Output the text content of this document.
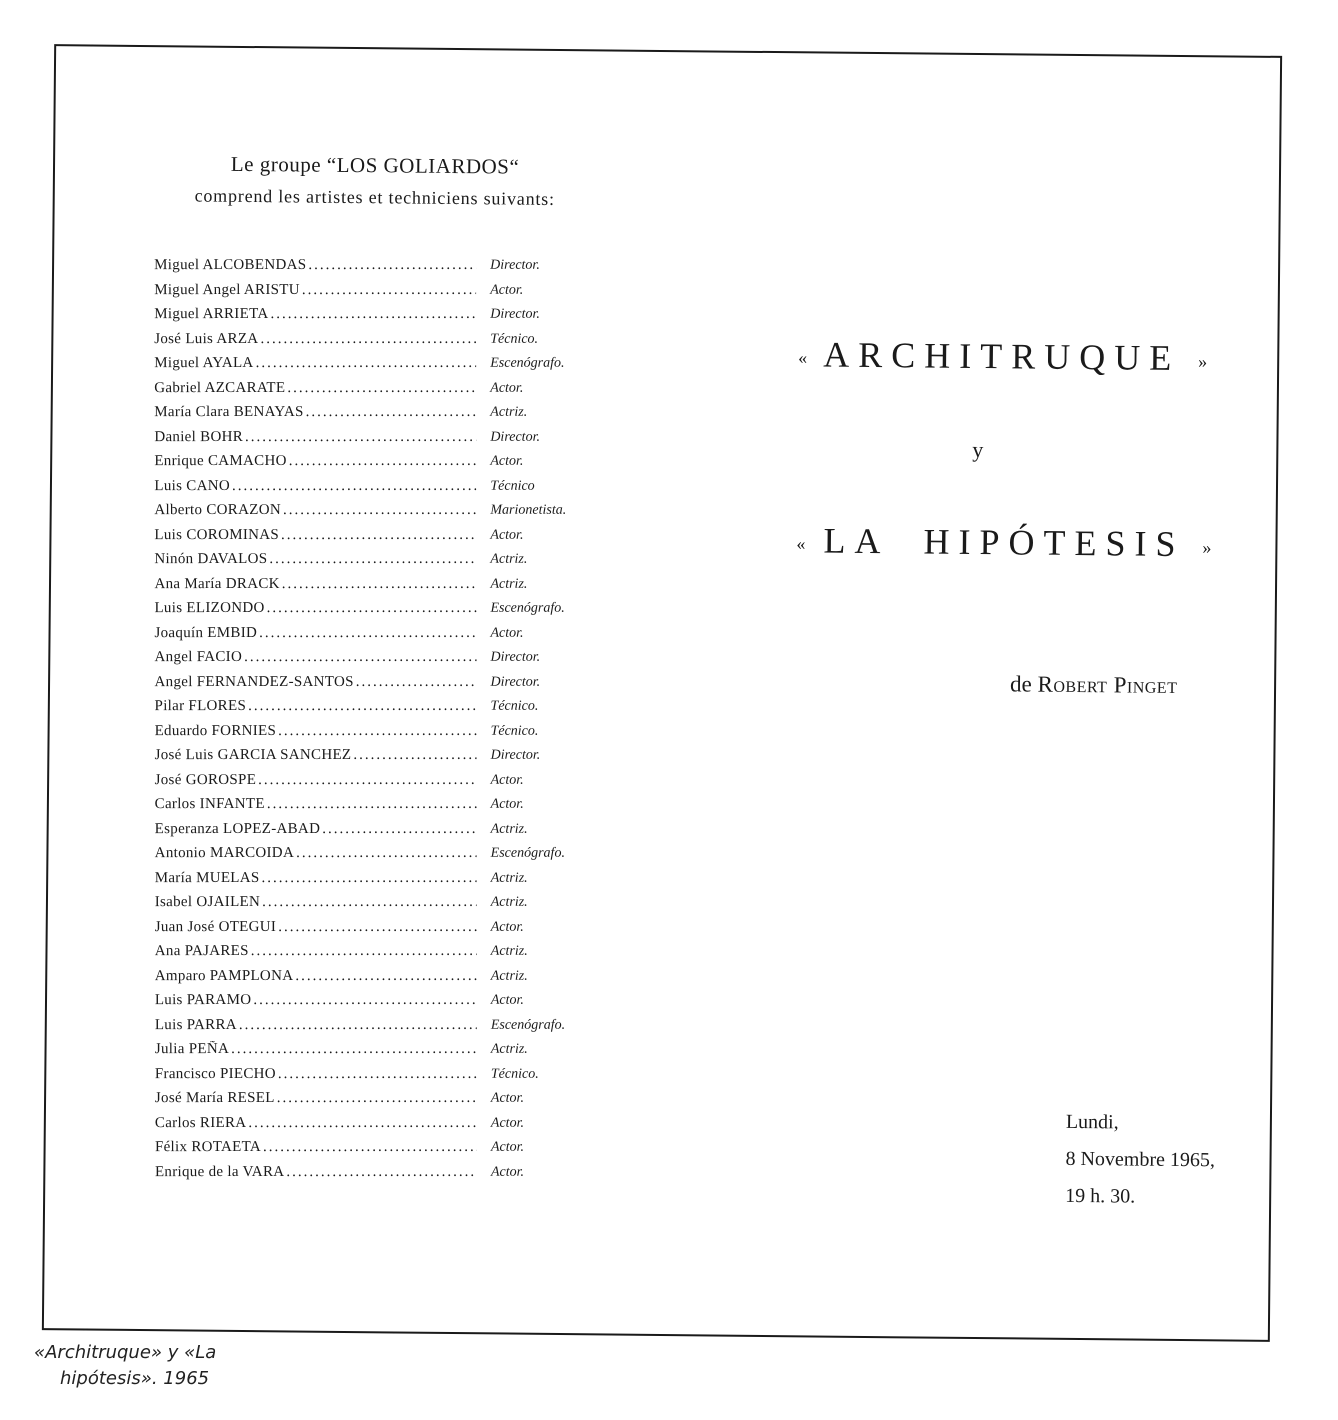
Le groupe “LOS GOLIARDOS“
comprend les artistes et techniciens suivants:
Miguel ALCOBENDAS .....	Director.
Miguel Angel ARISTU .....	Actor.
Miguel ARRIETA .....	Director.
José Luis ARZA .....	Técnico.
Miguel AYALA .....	Escenógrafo.
Gabriel AZCARATE .....	Actor.
María Clara BENAYAS .....	Actriz.
Daniel BOHR .....	Director.
Enrique CAMACHO .....	Actor.
Luis CANO .....	Técnico
Alberto CORAZON .....	Marionetista.
Luis COROMINAS .....	Actor.
Ninón DAVALOS .....	Actriz.
Ana María DRACK .....	Actriz.
Luis ELIZONDO .....	Escenógrafo.
Joaquín EMBID .....	Actor.
Angel FACIO .....	Director.
Angel FERNANDEZ-SANTOS .....	Director.
Pilar FLORES .....	Técnico.
Eduardo FORNIES .....	Técnico.
José Luis GARCIA SANCHEZ .....	Director.
José GOROSPE .....	Actor.
Carlos INFANTE .....	Actor.
Esperanza LOPEZ-ABAD .....	Actriz.
Antonio MARCOIDA .....	Escenógrafo.
María MUELAS .....	Actriz.
Isabel OJAILEN .....	Actriz.
Juan José OTEGUI .....	Actor.
Ana PAJARES .....	Actriz.
Amparo PAMPLONA .....	Actriz.
Luis PARAMO .....	Actor.
Luis PARRA .....	Escenógrafo.
Julia PEÑA .....	Actriz.
Francisco PIECHO .....	Técnico.
José María RESEL .....	Actor.
Carlos RIERA .....	Actor.
Félix ROTAETA .....	Actor.
Enrique de la VARA .....	Actor.
« ARCHITRUQUE »
y
« LA  HIPÓTESIS »
de Robert Pinget
Lundi,
8 Novembre 1965,
19 h. 30.
«Architruque» y «La
hipótesis». 1965
